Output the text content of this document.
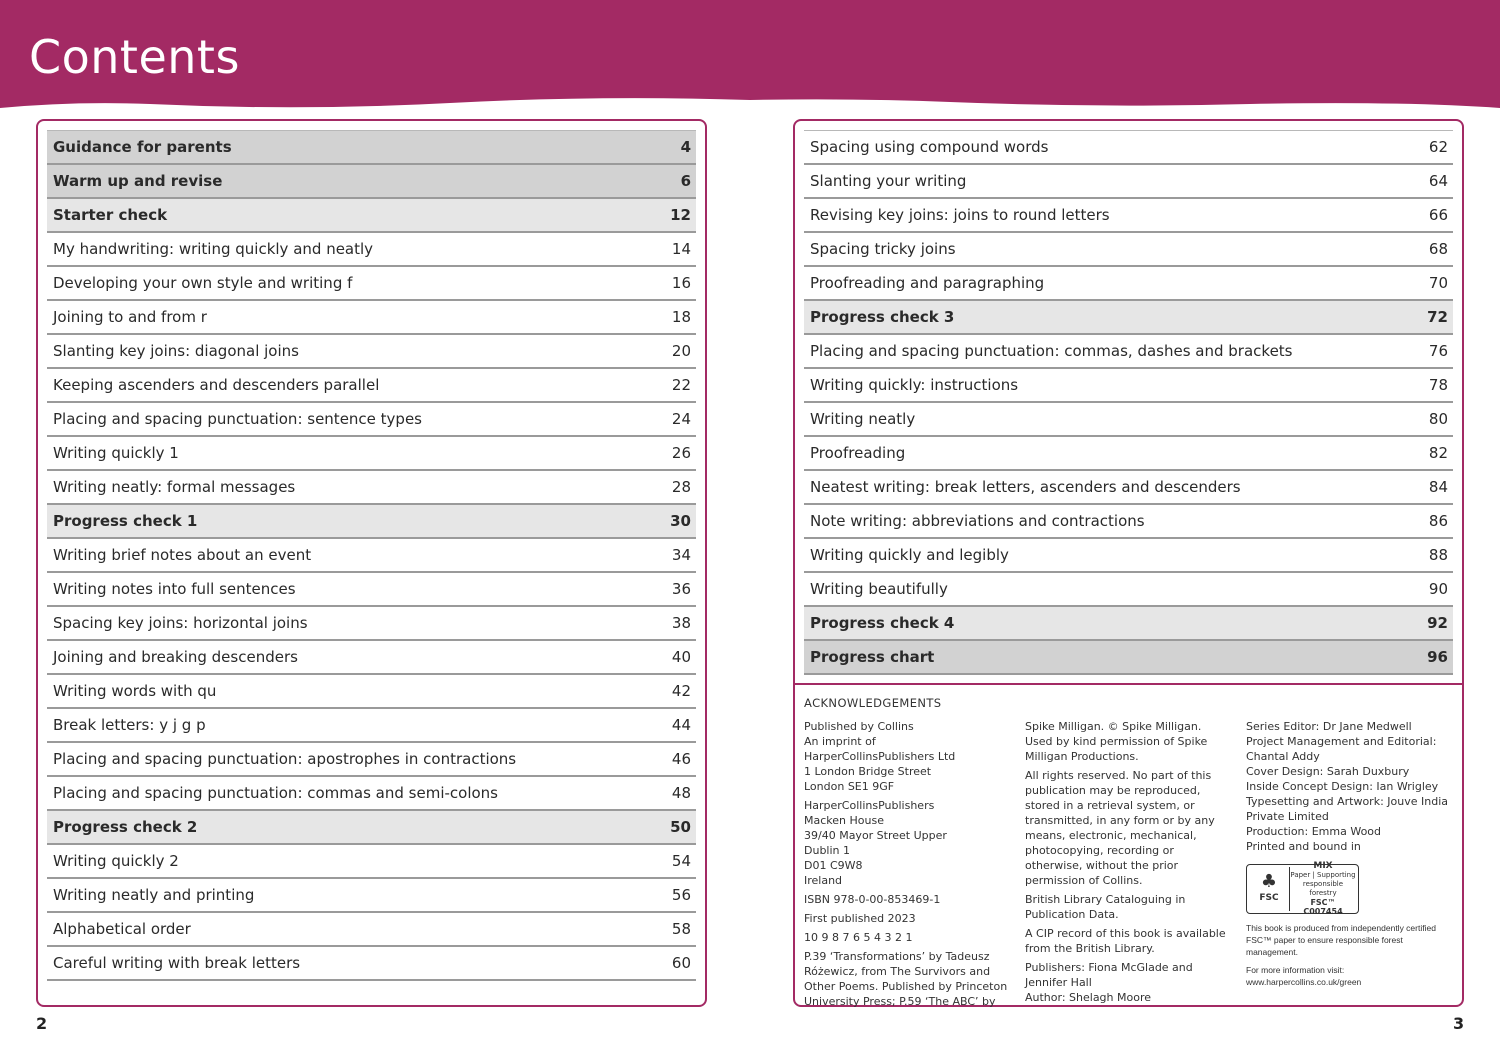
Contents
Guidance for parents	4
Warm up and revise	6
Starter check	12
My handwriting: writing quickly and neatly	14
Developing your own style and writing f	16
Joining to and from r	18
Slanting key joins: diagonal joins	20
Keeping ascenders and descenders parallel	22
Placing and spacing punctuation: sentence types	24
Writing quickly 1	26
Writing neatly: formal messages	28
Progress check 1	30
Writing brief notes about an event	34
Writing notes into full sentences	36
Spacing key joins: horizontal joins	38
Joining and breaking descenders	40
Writing words with qu	42
Break letters: y j g p	44
Placing and spacing punctuation: apostrophes in contractions	46
Placing and spacing punctuation: commas and semi-colons	48
Progress check 2	50
Writing quickly 2	54
Writing neatly and printing	56
Alphabetical order	58
Careful writing with break letters	60
Spacing using compound words	62
Slanting your writing	64
Revising key joins: joins to round letters	66
Spacing tricky joins	68
Proofreading and paragraphing	70
Progress check 3	72
Placing and spacing punctuation: commas, dashes and brackets	76
Writing quickly: instructions	78
Writing neatly	80
Proofreading	82
Neatest writing: break letters, ascenders and descenders	84
Note writing: abbreviations and contractions	86
Writing quickly and legibly	88
Writing beautifully	90
Progress check 4	92
Progress chart	96
ACKNOWLEDGEMENTS

Published by Collins
An imprint of HarperCollinsPublishers Ltd
1 London Bridge Street
London SE1 9GF

HarperCollinsPublishers
Macken House
39/40 Mayor Street Upper
Dublin 1
D01 C9W8
Ireland

ISBN 978-0-00-853469-1

First published 2023

10 9 8 7 6 5 4 3 2 1

P.39 ‘Transformations’ by Tadeusz Różewicz, from The Survivors and Other Poems. Published by Princeton University Press; P.59 ‘The ABC’ by

Spike Milligan. © Spike Milligan. Used by kind permission of Spike Milligan Productions.

All rights reserved. No part of this publication may be reproduced, stored in a retrieval system, or transmitted, in any form or by any means, electronic, mechanical, photocopying, recording or otherwise, without the prior permission of Collins.

British Library Cataloguing in Publication Data.

A CIP record of this book is available from the British Library.

Publishers: Fiona McGlade and Jennifer Hall
Author: Shelagh Moore

Series Editor: Dr Jane Medwell
Project Management and Editorial: Chantal Addy
Cover Design: Sarah Duxbury
Inside Concept Design: Ian Wrigley
Typesetting and Artwork: Jouve India Private Limited
Production: Emma Wood
Printed and bound in

♣
FSC
MIX
Paper | Supporting
responsible forestry
FSC™ C007454
This book is produced from independently certified FSC™ paper to ensure responsible forest management.
For more information visit: www.harpercollins.co.uk/green
2	3
